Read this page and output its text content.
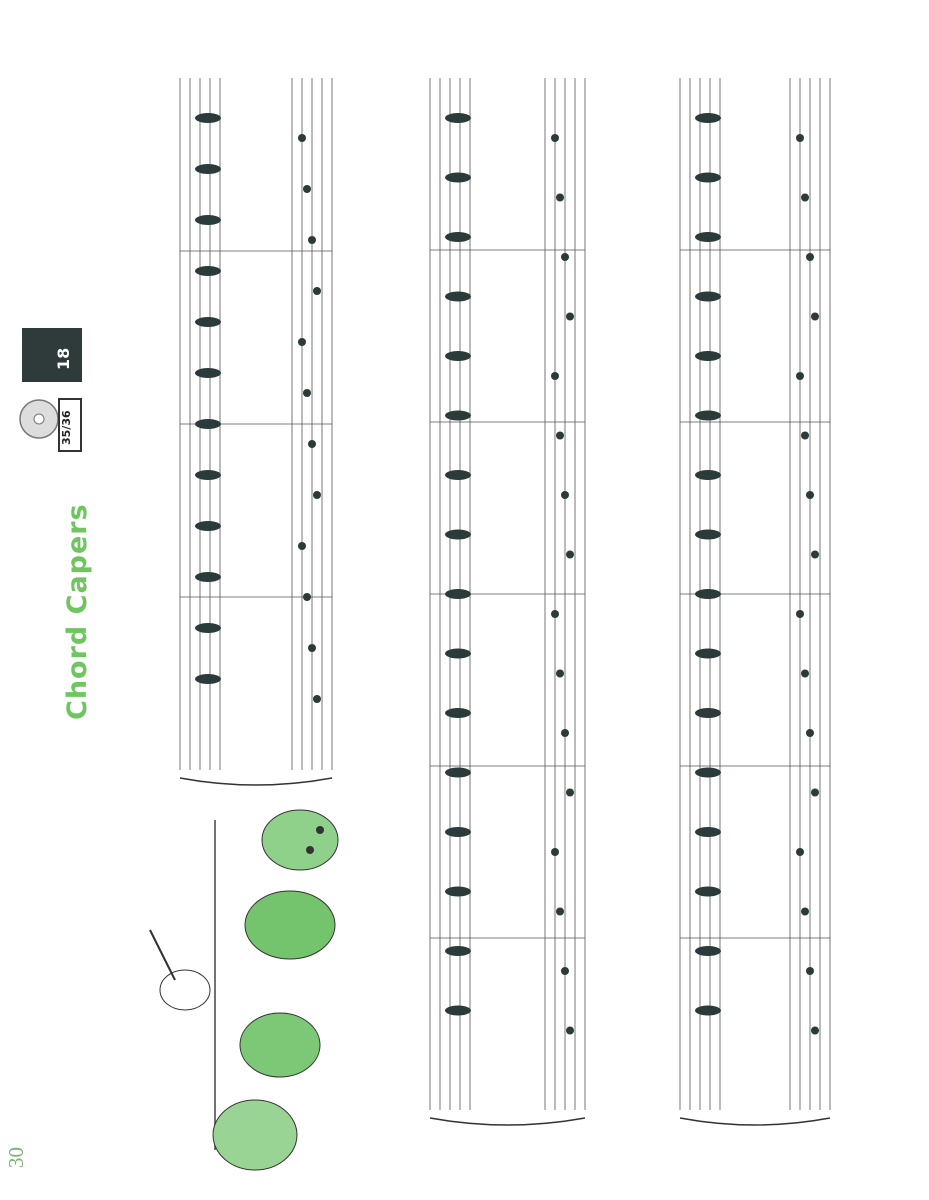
30
Chord Capers
35/36
18
